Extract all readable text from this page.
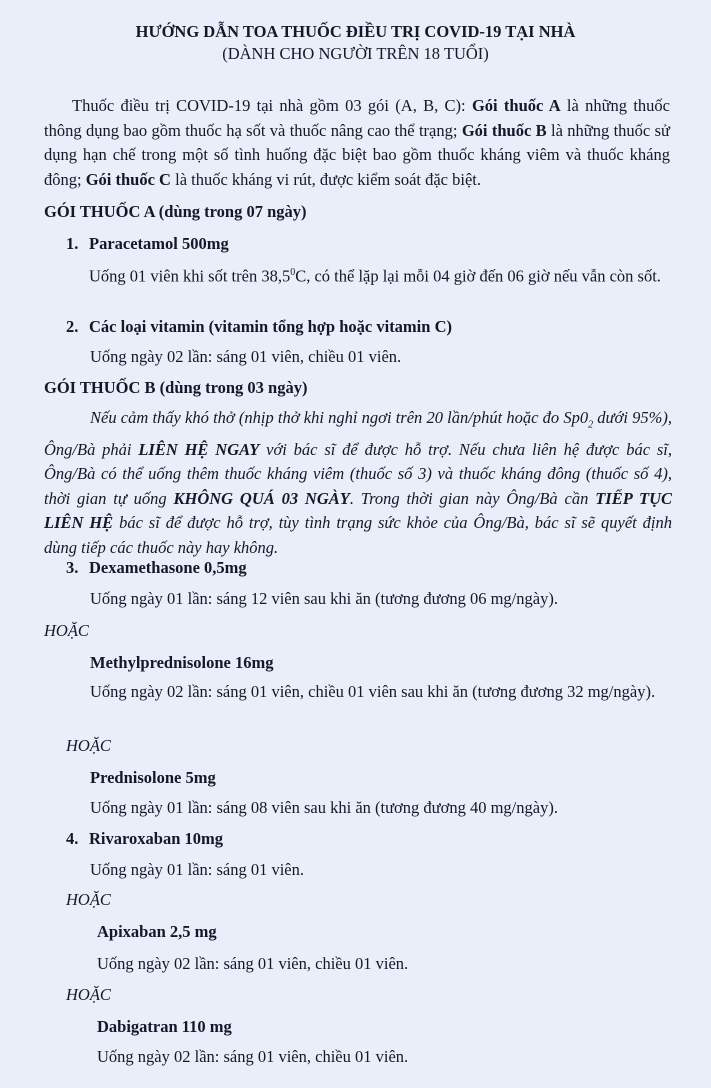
HƯỚNG DẪN TOA THUỐC ĐIỀU TRỊ COVID-19 TẠI NHÀ
(DÀNH CHO NGƯỜI TRÊN 18 TUỔI)
Thuốc điều trị COVID-19 tại nhà gồm 03 gói (A, B, C): Gói thuốc A là những thuốc thông dụng bao gồm thuốc hạ sốt và thuốc nâng cao thể trạng; Gói thuốc B là những thuốc sử dụng hạn chế trong một số tình huống đặc biệt bao gồm thuốc kháng viêm và thuốc kháng đông; Gói thuốc C là thuốc kháng vi rút, được kiểm soát đặc biệt.
GÓI THUỐC A (dùng trong 07 ngày)
1. Paracetamol 500mg
Uống 01 viên khi sốt trên 38,5$^0$C, có thể lặp lại mỗi 04 giờ đến 06 giờ nếu vẫn còn sốt.
2. Các loại vitamin (vitamin tổng hợp hoặc vitamin C)
Uống ngày 02 lần: sáng 01 viên, chiều 01 viên.
GÓI THUỐC B (dùng trong 03 ngày)
Nếu cảm thấy khó thở (nhịp thở khi nghỉ ngơi trên 20 lần/phút hoặc đo $Sp0_2$ dưới 95%), Ông/Bà phải LIÊN HỆ NGAY với bác sĩ để được hỗ trợ. Nếu chưa liên hệ được bác sĩ, Ông/Bà có thể uống thêm thuốc kháng viêm (thuốc số 3) và thuốc kháng đông (thuốc số 4), thời gian tự uống KHÔNG QUÁ 03 NGÀY. Trong thời gian này Ông/Bà cần TIẾP TỤC LIÊN HỆ bác sĩ để được hỗ trợ, tùy tình trạng sức khỏe của Ông/Bà, bác sĩ sẽ quyết định dùng tiếp các thuốc này hay không.
3. Dexamethasone 0,5mg
Uống ngày 01 lần: sáng 12 viên sau khi ăn (tương đương 06 mg/ngày).
HOẶC
Methylprednisolone 16mg
Uống ngày 02 lần: sáng 01 viên, chiều 01 viên sau khi ăn (tương đương 32 mg/ngày).
HOẶC
Prednisolone 5mg
Uống ngày 01 lần: sáng 08 viên sau khi ăn (tương đương 40 mg/ngày).
4. Rivaroxaban 10mg
Uống ngày 01 lần: sáng 01 viên.
HOẶC
Apixaban 2,5 mg
Uống ngày 02 lần: sáng 01 viên, chiều 01 viên.
HOẶC
Dabigatran 110 mg
Uống ngày 02 lần: sáng 01 viên, chiều 01 viên.
